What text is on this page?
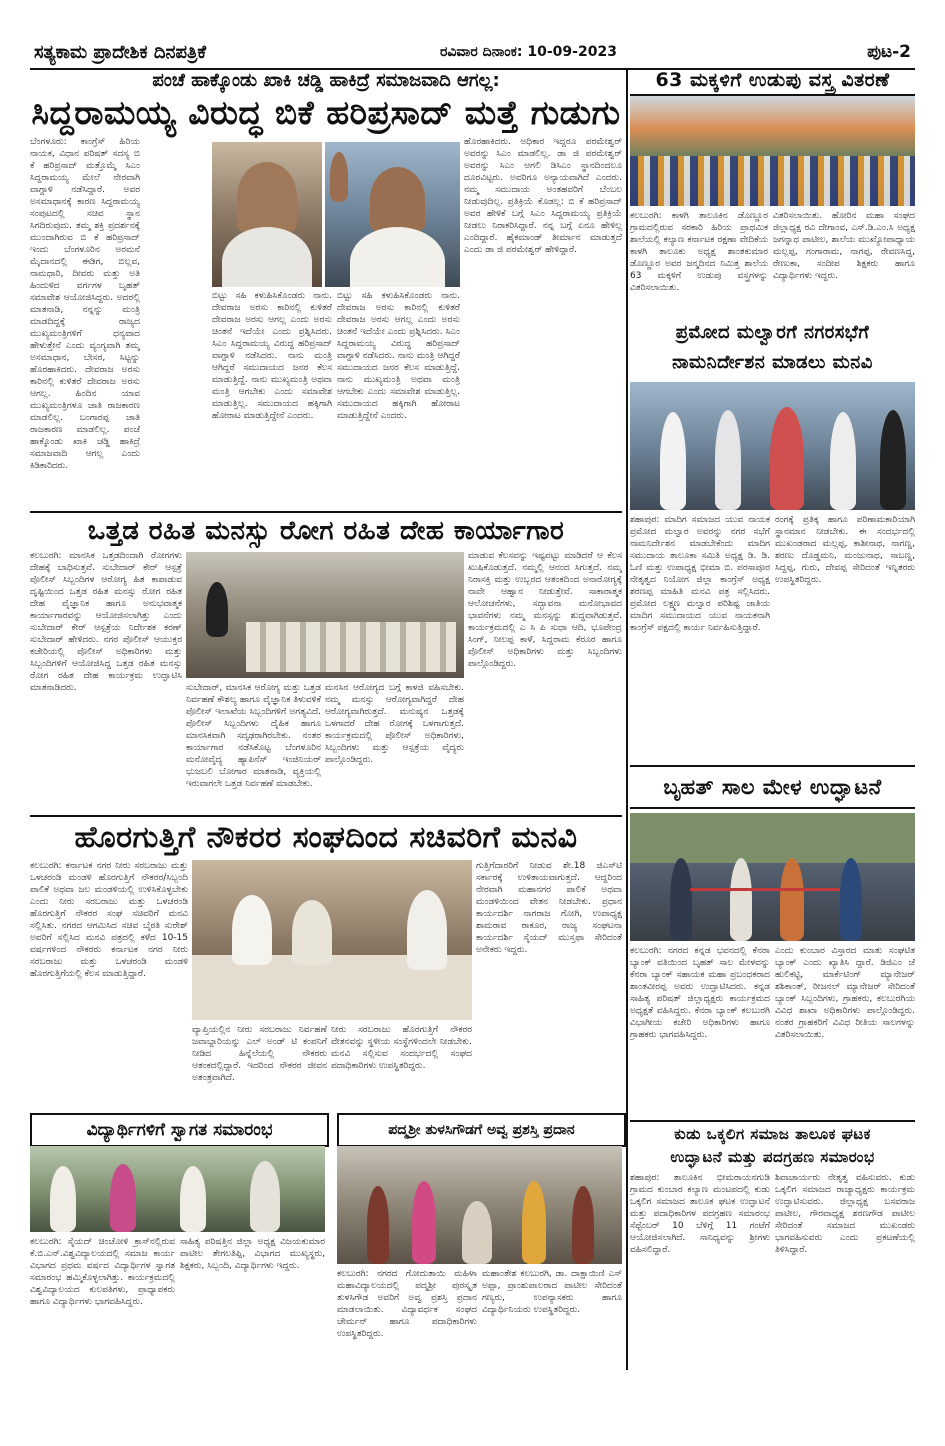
ಸತ್ಯಕಾಮ ಪ್ರಾದೇಶಿಕ ದಿನಪತ್ರಿಕೆ	ರವಿವಾರ ದಿನಾಂಕ: 10-09-2023	ಪುಟ-2
ಪಂಚೆ ಹಾಕ್ಕೊಂಡು ಖಾಕಿ ಚಡ್ಡಿ ಹಾಕಿದ್ರೆ ಸಮಾಜವಾದಿ ಆಗಲ್ಲ:
ಸಿದ್ದರಾಮಯ್ಯ ವಿರುದ್ಧ ಬಿಕೆ ಹರಿಪ್ರಸಾದ್ ಮತ್ತೆ ಗುಡುಗು
ಬೆಂಗಳೂರು: ಕಾಂಗ್ರೆಸ್ ಹಿರಿಯ ನಾಯಕ, ವಿಧಾನ ಪರಿಷತ್ ಸದಸ್ಯ ಬಿ ಕೆ ಹರಿಪ್ರಸಾದ್ ಮತ್ತೊಮ್ಮೆ ಸಿಎಂ ಸಿದ್ದರಾಮಯ್ಯ ಮೇಲೆ ನೇರವಾಗಿ ವಾಗ್ದಾಳಿ ನಡೆಸಿದ್ದಾರೆ. ಅವರ ಅಸಮಾಧಾನಕ್ಕೆ ಕಾರಣ ಸಿದ್ದರಾಮಯ್ಯ ಸಂಪುಟದಲ್ಲಿ ಸಚಿವ ಸ್ಥಾನ ಸಿಗದಿರುವುದು. ತಮ್ಮ ಶಕ್ತಿ ಪ್ರದರ್ಶನಕ್ಕೆ ಮುಂದಾಗಿರುವ ಬಿ ಕೆ ಹರಿಪ್ರಸಾದ್ ಇಂದು ಬೆಂಗಳೂರಿನ ಅರಮನೆ ಮೈದಾನದಲ್ಲಿ ಈಡಿಗ, ಬಿಲ್ಲವ, ನಾಮಧಾರಿ, ದೀವರು ಮತ್ತು ಅತಿ ಹಿಂದುಳಿದ ವರ್ಗಗಳ ಬೃಹತ್ ಸಮಾವೇಶ ಆಯೋಜಿಸಿದ್ದರು. ಅದರಲ್ಲಿ ಮಾತನಾಡಿ, ನನ್ನನ್ನು ಮಂತ್ರಿ ಮಾಡದಿದ್ದಕ್ಕೆ ರಾಜ್ಯದ ಮುಖ್ಯಮಂತ್ರಿಗಳಿಗೆ ಧನ್ಯವಾದ ಹೇಳುತ್ತೇನೆ ಎಂದು ವ್ಯಂಗ್ಯವಾಗಿ ತಮ್ಮ ಅಸಮಾಧಾನ, ಬೇಸರ, ಸಿಟ್ಟನ್ನು ಹೊರಹಾಕಿದರು. ದೇವರಾಜ ಅರಸು ಕಾರಿನಲ್ಲಿ ಕುಳಿತರೆ ದೇವರಾಜ ಅರಸು ಆಗಲ್ಲ. ಹಿಂದಿನ ಯಾವ ಮುಖ್ಯಮಂತ್ರಿಗಳೂ ಜಾತಿ ರಾಜಕಾರಣ ಮಾಡಲಿಲ್ಲ. ಬಂಗಾರಪ್ಪ ಜಾತಿ ರಾಜಕಾರಣ ಮಾಡಲಿಲ್ಲ. ಪಂಚೆ ಹಾಕ್ಕೊಂಡು ಖಾಕಿ ಚಡ್ಡಿ ಹಾಕಿದ್ರೆ ಸಮಾಜವಾದಿ ಆಗಲ್ಲ ಎಂದು ಕಿಡಿಕಾರಿದರು.
ಬಿಟ್ಟು ಸಹಿ ಕಳುಹಿಸಿಕೊಂಡರು ನಾನು. ದೇವರಾಜ ಅರಸು ಕಾರಿನಲ್ಲಿ ಕುಳಿತರೆ ದೇವರಾಜ ಅರಸು ಆಗಲ್ಲ ಎಂದು ಅರಸು ಚಿಂತನೆ ಇದೆಯೇ ಎಂದು ಪ್ರಶ್ನಿಸಿದರು. ಸಿಎಂ ಸಿದ್ದರಾಮಯ್ಯ ವಿರುದ್ಧ ಹರಿಪ್ರಸಾದ್ ವಾಗ್ದಾಳಿ ನಡೆಸಿದರು. ನಾನು ಮಂತ್ರಿ ಆಗಿದ್ದರೆ ಸಮುದಾಯದ ಜನರ ಕೆಲಸ ಮಾಡುತ್ತಿದ್ದೆ. ನಾನು ಮುಖ್ಯಮಂತ್ರಿ ಅಥವಾ ಮಂತ್ರಿ ಆಗಬೇಕು ಎಂದು ಸಮಾವೇಶ ಮಾಡುತ್ತಿಲ್ಲ. ಸಮುದಾಯದ ಹಕ್ಕಿಗಾಗಿ ಹೋರಾಟ ಮಾಡುತ್ತಿದ್ದೇನೆ ಎಂದರು.
ಬಿಟ್ಟು ಸಹಿ ಕಳುಹಿಸಿಕೊಂಡರು ನಾನು. ದೇವರಾಜ ಅರಸು ಕಾರಿನಲ್ಲಿ ಕುಳಿತರೆ ದೇವರಾಜ ಅರಸು ಆಗಲ್ಲ ಎಂದು ಅರಸು ಚಿಂತನೆ ಇದೆಯೇ ಎಂದು ಪ್ರಶ್ನಿಸಿದರು. ಸಿಎಂ ಸಿದ್ದರಾಮಯ್ಯ ವಿರುದ್ಧ ಹರಿಪ್ರಸಾದ್ ವಾಗ್ದಾಳಿ ನಡೆಸಿದರು. ನಾನು ಮಂತ್ರಿ ಆಗಿದ್ದರೆ ಸಮುದಾಯದ ಜನರ ಕೆಲಸ ಮಾಡುತ್ತಿದ್ದೆ. ನಾನು ಮುಖ್ಯಮಂತ್ರಿ ಅಥವಾ ಮಂತ್ರಿ ಆಗಬೇಕು ಎಂದು ಸಮಾವೇಶ ಮಾಡುತ್ತಿಲ್ಲ. ಸಮುದಾಯದ ಹಕ್ಕಿಗಾಗಿ ಹೋರಾಟ ಮಾಡುತ್ತಿದ್ದೇನೆ ಎಂದರು.
ಹೊರಹಾಕಿದರು. ಅಧಿಕಾರ ಇದ್ದರೂ ಪರಮೇಶ್ವರ್ ಅವರನ್ನು ಸಿಎಂ ಮಾಡಲಿಲ್ಲ. ಡಾ ಜಿ ಪರಮೇಶ್ವರ್ ಅವರನ್ನು ಸಿಎಂ ಆಗಲಿ ಡಿಸಿಎಂ ಸ್ಥಾನದಿಂದಲೂ ದೂರವಿಟ್ಟರು. ಅವರಿಗೂ ಅನ್ಯಾಯವಾಗಿದೆ ಎಂದರು. ನಮ್ಮ ಸಮುದಾಯ ಅಂತಹವರಿಗೆ ಬೆಂಬಲ ನೀಡುವುದಿಲ್ಲ. ಪ್ರತಿಕ್ರಿಯೆ ಕೊಡಲ್ಲ: ಬಿ ಕೆ ಹರಿಪ್ರಸಾದ್ ಅವರ ಹೇಳಿಕೆ ಬಗ್ಗೆ ಸಿಎಂ ಸಿದ್ದರಾಮಯ್ಯ ಪ್ರತಿಕ್ರಿಯೆ ನೀಡಲು ನಿರಾಕರಿಸಿದ್ದಾರೆ. ನನ್ನ ಬಗ್ಗೆ ಏನೂ ಹೇಳಿಲ್ಲ ಎಂದಿದ್ದಾರೆ. ಹೈಕಮಾಂಡ್ ತೀರ್ಮಾನ ಮಾಡುತ್ತದೆ ಎಂದು ಡಾ ಜಿ ಪರಮೇಶ್ವರ್ ಹೇಳಿದ್ದಾರೆ.
ಒತ್ತಡ ರಹಿತ ಮನಸ್ಸು ರೋಗ ರಹಿತ ದೇಹ ಕಾರ್ಯಾಗಾರ
ಕಲಬುರಗಿ: ಮಾನಸಿಕ ಒತ್ತಡದಿಂದಾಗಿ ರೋಗಗಳು ದೇಹಕ್ಕೆ ಬಾಧಿಸುತ್ತವೆ. ಸುಬೇದಾರ್ ಕೇರ್ ಆಸ್ಪತ್ರೆ ಪೊಲೀಸ್ ಸಿಬ್ಬಂದಿಗಳ ಆರೋಗ್ಯ ಹಿತ ಕಾಪಾಡುವ ದೃಷ್ಟಿಯಿಂದ ಒತ್ತಡ ರಹಿತ ಮನಸ್ಸು ರೋಗ ರಹಿತ ದೇಹ ವೈಜ್ಞಾನಿಕ ಹಾಗೂ ಅನುಭವಾತ್ಮಕ ಕಾರ್ಯಾಗಾರವನ್ನು ಆಯೋಜಿಸಲಾಗಿತ್ತು ಎಂದು ಸುಬೇದಾರ್ ಕೇರ್ ಆಸ್ಪತ್ರೆಯ ನಿರ್ದೇಶಕ ಕರಣ್ ಸುಬೇದಾರ್ ಹೇಳಿದರು. ನಗರ ಪೊಲೀಸ್ ಆಯುಕ್ತರ ಕಚೇರಿಯಲ್ಲಿ ಪೊಲೀಸ್ ಅಧಿಕಾರಿಗಳು ಮತ್ತು ಸಿಬ್ಬಂದಿಗಳಿಗೆ ಆಯೋಜಿಸಿದ್ದ ಒತ್ತಡ ರಹಿತ ಮನಸ್ಸು ರೋಗ ರಹಿತ ದೇಹ ಕಾರ್ಯಕ್ರಮ ಉದ್ಘಾಟಿಸಿ ಮಾತನಾಡಿದರು.	ಸುಬೇದಾರ್, ಮಾನಸಿಕ ಆರೋಗ್ಯ ಮತ್ತು ಒತ್ತಡ ನಿರ್ವಹಣೆ ಕೌಶಲ್ಯ ಹಾಗೂ ವೈಜ್ಞಾನಿಕ ತಿಳುವಳಿಕೆ ಪೊಲೀಸ್ ಇಲಾಖೆಯ ಸಿಬ್ಬಂದಿಗಳಿಗೆ ಅಗತ್ಯವಿದೆ. ಪೊಲೀಸ್ ಸಿಬ್ಬಂದಿಗಳು ದೈಹಿಕ ಹಾಗೂ ಮಾನಸಿಕವಾಗಿ ಸದೃಢರಾಗಿರಬೇಕು. ನಂತರ ಕಾರ್ಯಾಗಾರ ನಡೆಸಿಕೊಟ್ಟ ಬೆಂಗಳೂರಿನ ಮನೋವೈದ್ಯ ಹ್ಯಾಪಿನೆಸ್ ಇಂಜಿನಿಯರ್ ಭುಜಬಲಿ ಬೋಗಾರ ಮಾತನಾಡಿ, ವ್ಯಕ್ತಿಯಲ್ಲಿ ಇರುವಾಗಲೇ ಒತ್ತಡ ನಿರ್ವಹಣೆ ಮಾಡಬೇಕು.
ಮನಸಿನ ಆರೋಗ್ಯದ ಬಗ್ಗೆ ಕಾಳಜಿ ವಹಿಸಬೇಕು. ನಮ್ಮ ಮನಸ್ಸು ಆರೋಗ್ಯವಾಗಿದ್ದರೆ ದೇಹ ಆರೋಗ್ಯವಾಗಿರುತ್ತದೆ. ಮನುಷ್ಯನ ಒತ್ತಡಕ್ಕೆ ಒಳಗಾದರೆ ದೇಹ ರೋಗಕ್ಕೆ ಒಳಗಾಗುತ್ತದೆ. ಕಾರ್ಯಕ್ರಮದಲ್ಲಿ ಪೊಲೀಸ್ ಅಧಿಕಾರಿಗಳು, ಸಿಬ್ಬಂದಿಗಳು ಮತ್ತು ಆಸ್ಪತ್ರೆಯ ವೈದ್ಯರು ಪಾಲ್ಗೊಂಡಿದ್ದರು.
ಮಾಡುವ ಕೆಲಸವನ್ನು ಇಷ್ಟಪಟ್ಟು ಮಾಡಿದರೆ ಆ ಕೆಲಸ ಖುಷಿಕೊಡುತ್ತದೆ. ನಮ್ಮಲ್ಲಿ ಆನಂದ ಸಿಗುತ್ತದೆ. ನಮ್ಮ ನಿರಾಸಕ್ತಿ ಮತ್ತು ಉಬ್ಬರದ ಆತಂಕದಿಂದ ಅನಾರೋಗ್ಯಕ್ಕೆ ನಾವೇ ಆಹ್ವಾನ ನೀಡುತ್ತೇವೆ. ಸಾಕಾರಾತ್ಮಕ ಆಲೋಚನೆಗಳು, ಸದ್ಭಾವನಾ ಮನೋಭಾವದ ಭಾವನೆಗಳು ನಮ್ಮ ಮನಸ್ಸನ್ನು ಶುದ್ಧವಾಗಿಡುತ್ತವೆ. ಕಾರ್ಯಕ್ರಮದಲ್ಲಿ ಎ ಸಿ ಪಿ ಸುಧಾ ಆದಿ, ಭೂಪೇಂದ್ರ ಸಿಂಗ್, ನೀಲಪ್ಪ ಕಾಳೆ, ಸಿದ್ದರಾಮ ಕೆರೂರ ಹಾಗೂ ಪೊಲೀಸ್ ಅಧಿಕಾರಿಗಳು ಮತ್ತು ಸಿಬ್ಬಂದಿಗಳು ಪಾಲ್ಗೊಂಡಿದ್ದರು.
ಹೊರಗುತ್ತಿಗೆ ನೌಕರರ ಸಂಘದಿಂದ ಸಚಿವರಿಗೆ ಮನವಿ
ಕಲಬುರಗಿ: ಕರ್ನಾಟಕ ನಗರ ನೀರು ಸರಬರಾಜು ಮತ್ತು ಒಳಚರಂಡಿ ಮಂಡಳಿ ಹೊರಗುತ್ತಿಗೆ ನೌಕರರ/ಸಿಬ್ಬಂದಿ ಪಾಲಿಕೆ ಅಥವಾ ಜಲ ಮಂಡಳಿಯಲ್ಲಿ ಉಳಿಸಿಕೊಳ್ಳಬೇಕು ಎಂದು ನೀರು ಸರಬರಾಜು ಮತ್ತು ಒಳಚರಂಡಿ ಹೊರಗುತ್ತಿಗೆ ನೌಕರರ ಸಂಘ ಸಚಿವರಿಗೆ ಮನವಿ ಸಲ್ಲಿಸಿತು. ನಗರದ ಆಗಮಿಸಿದ ಸಚಿವ ಬೈರತಿ ಸುರೇಶ್ ಅವರಿಗೆ ಸಲ್ಲಿಸಿದ ಮನವಿ ಪತ್ರದಲ್ಲಿ ಕಳೆದ 10-15 ವರ್ಷಗಳಿಂದ ನೌಕರರು ಕರ್ನಾಟಕ ನಗರ ನೀರು ಸರಬರಾಜು ಮತ್ತು ಒಳಚರಂಡಿ ಮಂಡಳಿ ಹೊರಗುತ್ತಿಗೆಯಲ್ಲಿ ಕೆಲಸ ಮಾಡುತ್ತಿದ್ದಾರೆ.
ವ್ಯಾಪ್ತಿಯಲ್ಲಿನ ನೀರು ಸರಬರಾಜು ನಿರ್ವಹಣೆ ಜವಾಬ್ದಾರಿಯನ್ನು ಎಲ್ ಅಂಡ್ ಟಿ ಕಂಪನಿಗೆ ನೀಡಿದ ಹಿನ್ನೆಲೆಯಲ್ಲಿ ನೌಕರರು ಆತಂಕದಲ್ಲಿದ್ದಾರೆ. ಇದರಿಂದ ನೌಕರರ ಜೀವನ ಅತಂತ್ರವಾಗಿದೆ.
ನೀರು ಸರಬರಾಜು ಹೊರಗುತ್ತಿಗೆ ನೌಕರರ ವೇತನವನ್ನು ಸ್ಥಳೀಯ ಸಂಸ್ಥೆಗಳಿಂದಲೇ ನೀಡಬೇಕು. ಮನವಿ ಸಲ್ಲಿಸುವ ಸಂದರ್ಭದಲ್ಲಿ ಸಂಘದ ಪದಾಧಿಕಾರಿಗಳು ಉಪಸ್ಥಿತರಿದ್ದರು.
ಗುತ್ತಿಗೆದಾರರಿಗೆ ನೀಡುವ ಶೇ.18 ಜಿಎಸ್‌ಟಿ ಸರ್ಕಾರಕ್ಕೆ ಉಳಿತಾಯವಾಗುತ್ತದೆ. ಆದ್ದರಿಂದ ನೇರವಾಗಿ ಮಹಾನಗರ ಪಾಲಿಕೆ ಅಥವಾ ಮಂಡಳಿಯಿಂದ ವೇತನ ನೀಡಬೇಕು. ಪ್ರಧಾನ ಕಾರ್ಯದರ್ಶಿ ನಾಗರಾಜ ಗೋಗಿ, ಉಪಾಧ್ಯಕ್ಷ ಶಾಮರಾವ ಠಾಕೂರ, ರಾಜ್ಯ ಸಂಘಟನಾ ಕಾರ್ಯದರ್ಶಿ ಸೈಯದ್ ಮುಸ್ತಫಾ ಸೇರಿದಂತೆ ಅನೇಕರು ಇದ್ದರು.
ವಿದ್ಯಾರ್ಥಿಗಳಿಗೆ ಸ್ವಾಗತ ಸಮಾರಂಭ
ಕಲಬುರಗಿ: ಸೈಯದ್ ಚಿಂಚೋಳಿ ಕ್ರಾಸ್‌ನಲ್ಲಿರುವ ಕೆ.ಬಿ.ಎನ್.ವಿಶ್ವವಿದ್ಯಾಲಯದಲ್ಲಿ ಸಮಾಜ ಕಾರ್ಯ ವಿಭಾಗದ ಪ್ರಥಮ ವರ್ಷದ ವಿದ್ಯಾರ್ಥಿಗಳ ಸ್ವಾಗತ ಸಮಾರಂಭ ಹಮ್ಮಿಕೊಳ್ಳಲಾಗಿತ್ತು. ಕಾರ್ಯಕ್ರಮದಲ್ಲಿ ವಿಶ್ವವಿದ್ಯಾಲಯದ ಕುಲಪತಿಗಳು, ಪ್ರಾಧ್ಯಾಪಕರು ಹಾಗೂ ವಿದ್ಯಾರ್ಥಿಗಳು ಭಾಗವಹಿಸಿದ್ದರು.
ಸಾಹಿತ್ಯ ಪರಿಷತ್ತಿನ ಜಿಲ್ಲಾ ಅಧ್ಯಕ್ಷ ವಿಜಯಕುಮಾರ ಪಾಟೀಲ ತೇಗಲತಿಪ್ಪಿ, ವಿಭಾಗದ ಮುಖ್ಯಸ್ಥರು, ಶಿಕ್ಷಕರು, ಸಿಬ್ಬಂದಿ, ವಿದ್ಯಾರ್ಥಿಗಳು ಇದ್ದರು.
ಪದ್ಮಶ್ರೀ ತುಳಸಿಗೌಡಗೆ ಅವ್ವ ಪ್ರಶಸ್ತಿ ಪ್ರದಾನ
ಕಲಬುರಗಿ: ನಗರದ ಗೋದುತಾಯಿ ಮಹಿಳಾ ಮಹಾವಿದ್ಯಾಲಯದಲ್ಲಿ ಪದ್ಮಶ್ರೀ ಪುರಸ್ಕೃತ ತುಳಸಿಗೌಡ ಅವರಿಗೆ ಅವ್ವ ಪ್ರಶಸ್ತಿ ಪ್ರದಾನ ಮಾಡಲಾಯಿತು. ವಿದ್ಯಾವರ್ಧಕ ಸಂಘದ ಚೇರ್ಮನ್ ಹಾಗೂ ಪದಾಧಿಕಾರಿಗಳು ಉಪಸ್ಥಿತರಿದ್ದರು.
ಮಹಾಂತೇಶ ಕಲಬುರಗಿ, ಡಾ. ದಾಕ್ಷಾಯಿಣಿ ಎಸ್ ಅಪ್ಪಾ, ಪ್ರಾಂಶುಪಾಲರಾದ ಪಾಟೀಲ ಸೇರಿದಂತೆ ಗಣ್ಯರು, ಉಪನ್ಯಾಸಕರು ಹಾಗೂ ವಿದ್ಯಾರ್ಥಿನಿಯರು ಉಪಸ್ಥಿತರಿದ್ದರು.
63 ಮಕ್ಕಳಿಗೆ ಉಡುಪು ವಸ್ತ್ರ ವಿತರಣೆ
ಕಲಬುರಗಿ: ಕಾಳಗಿ ತಾಲೂಕಿನ ಡೊಣ್ಣೂರ ಗ್ರಾಮದಲ್ಲಿರುವ ಸರಕಾರಿ ಹಿರಿಯ ಪ್ರಾಥಮಿಕ ಶಾಲೆಯಲ್ಲಿ ಕಲ್ಯಾಣ ಕರ್ನಾಟಕ ರಕ್ಷಣಾ ವೇದಿಕೆಯ ಕಾಳಗಿ ತಾಲೂಕು ಅಧ್ಯಕ್ಷ ಶಾಂತಕುಮಾರ ಡೊಣ್ಣೂರ ಅವರ ಜನ್ಮದಿನದ ನಿಮಿತ್ತ ಶಾಲೆಯ 63 ಮಕ್ಕಳಿಗೆ ಉಡುಪು ವಸ್ತ್ರಗಳನ್ನು ವಿತರಿಸಲಾಯಿತು.
ವಿತರಿಸಲಾಯಿತು. ಹೋರಿನ ಮಹಾ ಸಂಘದ ಜಿಲ್ಲಾಧ್ಯಕ್ಷ ರವಿ ದೇಗಾಂವ, ಎಸ್.ಡಿ.ಎಂ.ಸಿ ಅಧ್ಯಕ್ಷ ಜಗನ್ನಾಥ ಪಾಟೀಲ, ಶಾಲೆಯ ಮುಖ್ಯೋಪಾಧ್ಯಾಯ ಮಲ್ಲಪ್ಪ, ಗಂಗಾರಾಮ, ನಾಗಪ್ಪ, ರೇವಣಸಿದ್ಧ, ರೇಣುಕಾ, ಸಂದೀಪ ಶಿಕ್ಷಕರು ಹಾಗೂ ವಿದ್ಯಾರ್ಥಿಗಳು ಇದ್ದರು.
ಪ್ರಮೋದ ಮಲ್ವಾರಗೆ ನಗರಸಭೆಗೆ
ನಾಮನಿರ್ದೇಶನ ಮಾಡಲು ಮನವಿ
ಶಹಾಪುರ: ಮಾದಿಗ ಸಮಾಜದ ಯುವ ನಾಯಕ ಪ್ರಮೋದ ಮಲ್ವಾರ ಅವರನ್ನು ನಗರ ಸಭೆಗೆ ನಾಮನಿರ್ದೇಶನ ಮಾಡಬೇಕೆಂದು ಮಾದಿಗ ಸಮುದಾಯ ತಾಲೂಕಾ ಸಮಿತಿ ಅಧ್ಯಕ್ಷ ಡಿ. ಡಿ. ಓಣಿ ಮತ್ತು ಉಪಾಧ್ಯಕ್ಷ ಭೀಮಾ ಬಿ. ಪರಸಾಪೂರ ನೇತೃತ್ವದ ನಿಯೋಗ ಜಿಲ್ಲಾ ಕಾಂಗ್ರೆಸ್ ಅಧ್ಯಕ್ಷ ಶರಣಪ್ಪ ಮಾಹಿತಿ ಮನವಿ ಪತ್ರ ಸಲ್ಲಿಸಿದರು. ಪ್ರಮೋದ ಲಕ್ಷ್ಮಣ ಮಲ್ವಾರ ಪರಿಶಿಷ್ಟ ಜಾತಿಯ ಮಾದಿಗ ಸಮುದಾಯದ ಯುವ ನಾಯಕನಾಗಿ ಕಾಂಗ್ರೆಸ್ ಪಕ್ಷದಲ್ಲಿ ಕಾರ್ಯ ನಿರ್ವಹಿಸುತ್ತಿದ್ದಾರೆ.
ರಂಗಕ್ಕೆ ಪ್ರತಿಕ್ಕ ಹಾಗೂ ಪರಿಣಾಮಕಾರಿಯಾಗಿ ಸ್ಥಾನಮಾನ ನೀಡಬೇಕು. ಈ ಸಂದರ್ಭದಲ್ಲಿ ಮುಖಂಡರಾದ ಮಲ್ಲಪ್ಪ, ಕಾಶೀನಾಥ, ನಾಗಣ್ಣ, ಶರಣು ದೊಡ್ಡಮನಿ, ಮಂಜುನಾಥ, ಸಾಬಣ್ಣ, ಸಿದ್ದಪ್ಪ, ಗುರು, ದೇವಪ್ಪ ಸೇರಿದಂತೆ ಇನ್ನಿತರರು ಉಪಸ್ಥಿತರಿದ್ದರು.
ಬೃಹತ್ ಸಾಲ ಮೇಳ ಉದ್ಘಾಟನೆ
ಕಲಬುರಗಿ: ನಗರದ ಕನ್ನಡ ಭವನದಲ್ಲಿ ಕೆನರಾ ಬ್ಯಾಂಕ್ ವತಿಯಿಂದ ಬೃಹತ್ ಸಾಲ ಮೇಳವನ್ನು ಕೆನರಾ ಬ್ಯಾಂಕ್ ಸಹಾಯಕ ಮಹಾ ಪ್ರಬಂಧಕರಾದ ಶಾಂತವೀರಪ್ಪ ಅವರು ಉದ್ಘಾಟಿಸಿದರು. ಕನ್ನಡ ಸಾಹಿತ್ಯ ಪರಿಷತ್ ಜಿಲ್ಲಾಧ್ಯಕ್ಷರು ಕಾರ್ಯಕ್ರಮದ ಅಧ್ಯಕ್ಷತೆ ವಹಿಸಿದ್ದರು. ಕೆನರಾ ಬ್ಯಾಂಕ್ ಕಲಬುರಗಿ ವಿಭಾಗೀಯ ಕಚೇರಿ ಅಧಿಕಾರಿಗಳು ಹಾಗೂ ಗ್ರಾಹಕರು ಭಾಗವಹಿಸಿದ್ದರು.
ಎಂದು ಕುಂಬಾರ ವಿಸ್ತಾರದ ಮಾತು ಸಂಘಟಿತ ಬ್ಯಾಂಕ್ ಎಂದು ಖ್ಯಾತಿಸಿ ದ್ದಾರೆ. ಡಿಜಿಎಂ ಜೆ ಹುಲಿಕಟ್ಟಿ, ಮಾರ್ಕೆಟಿಂಗ್ ಮ್ಯಾನೇಜರ್ ಶಶಿಕಾಂತ್, ರೀಜನಲ್ ಮ್ಯಾನೇಜರ್ ಸೇರಿದಂತೆ ಬ್ಯಾಂಕ್ ಸಿಬ್ಬಂದಿಗಳು, ಗ್ರಾಹಕರು, ಕಲಬುರಗಿಯ ವಿವಿಧ ಶಾಖಾ ಅಧಿಕಾರಿಗಳು ಪಾಲ್ಗೊಂಡಿದ್ದರು. ನಂತರ ಗ್ರಾಹಕರಿಗೆ ವಿವಿಧ ರೀತಿಯ ಸಾಲಗಳನ್ನು ವಿತರಿಸಲಾಯಿತು.
ಕುಡು ಒಕ್ಕಲಿಗ ಸಮಾಜ ತಾಲೂಕ ಘಟಕ
ಉದ್ಘಾಟನೆ ಮತ್ತು ಪದಗ್ರಹಣ ಸಮಾರಂಭ
ಶಹಾಪುರ: ತಾಲೂಕಿನ ಭೀಮರಾಯನಗುಡಿ ಗ್ರಾಮದ ಕುಂಬಾರ ಕಲ್ಯಾಣ ಮಂಟಪದಲ್ಲಿ ಕುಡು ಒಕ್ಕಲಿಗ ಸಮಾಜದ ತಾಲೂಕ ಘಟಕ ಉದ್ಘಾಟನೆ ಮತ್ತು ಪದಾಧಿಕಾರಿಗಳ ಪದಗ್ರಹಣ ಸಮಾರಂಭ ಸೆಪ್ಟೆಂಬರ್ 10 ಬೆಳಿಗ್ಗೆ 11 ಗಂಟೆಗೆ ಆಯೋಜಿಸಲಾಗಿದೆ. ಸಾನಿಧ್ಯವನ್ನು ಶ್ರೀಗಳು ವಹಿಸಲಿದ್ದಾರೆ.
ಶಿವಾಚಾರ್ಯರು ನೇತೃತ್ವ ವಹಿಸುವರು. ಕುಡು ಒಕ್ಕಲಿಗ ಸಮಾಜದ ರಾಜ್ಯಾಧ್ಯಕ್ಷರು ಕಾರ್ಯಕ್ರಮ ಉದ್ಘಾಟಿಸುವರು. ಜಿಲ್ಲಾಧ್ಯಕ್ಷ ಬಸವರಾಜ ಪಾಟೀಲ, ಗೌರವಾಧ್ಯಕ್ಷ ಶರಣಗೌಡ ಪಾಟೀಲ ಸೇರಿದಂತೆ ಸಮಾಜದ ಮುಖಂಡರು ಭಾಗವಹಿಸುವರು ಎಂದು ಪ್ರಕಟಣೆಯಲ್ಲಿ ತಿಳಿಸಿದ್ದಾರೆ.
